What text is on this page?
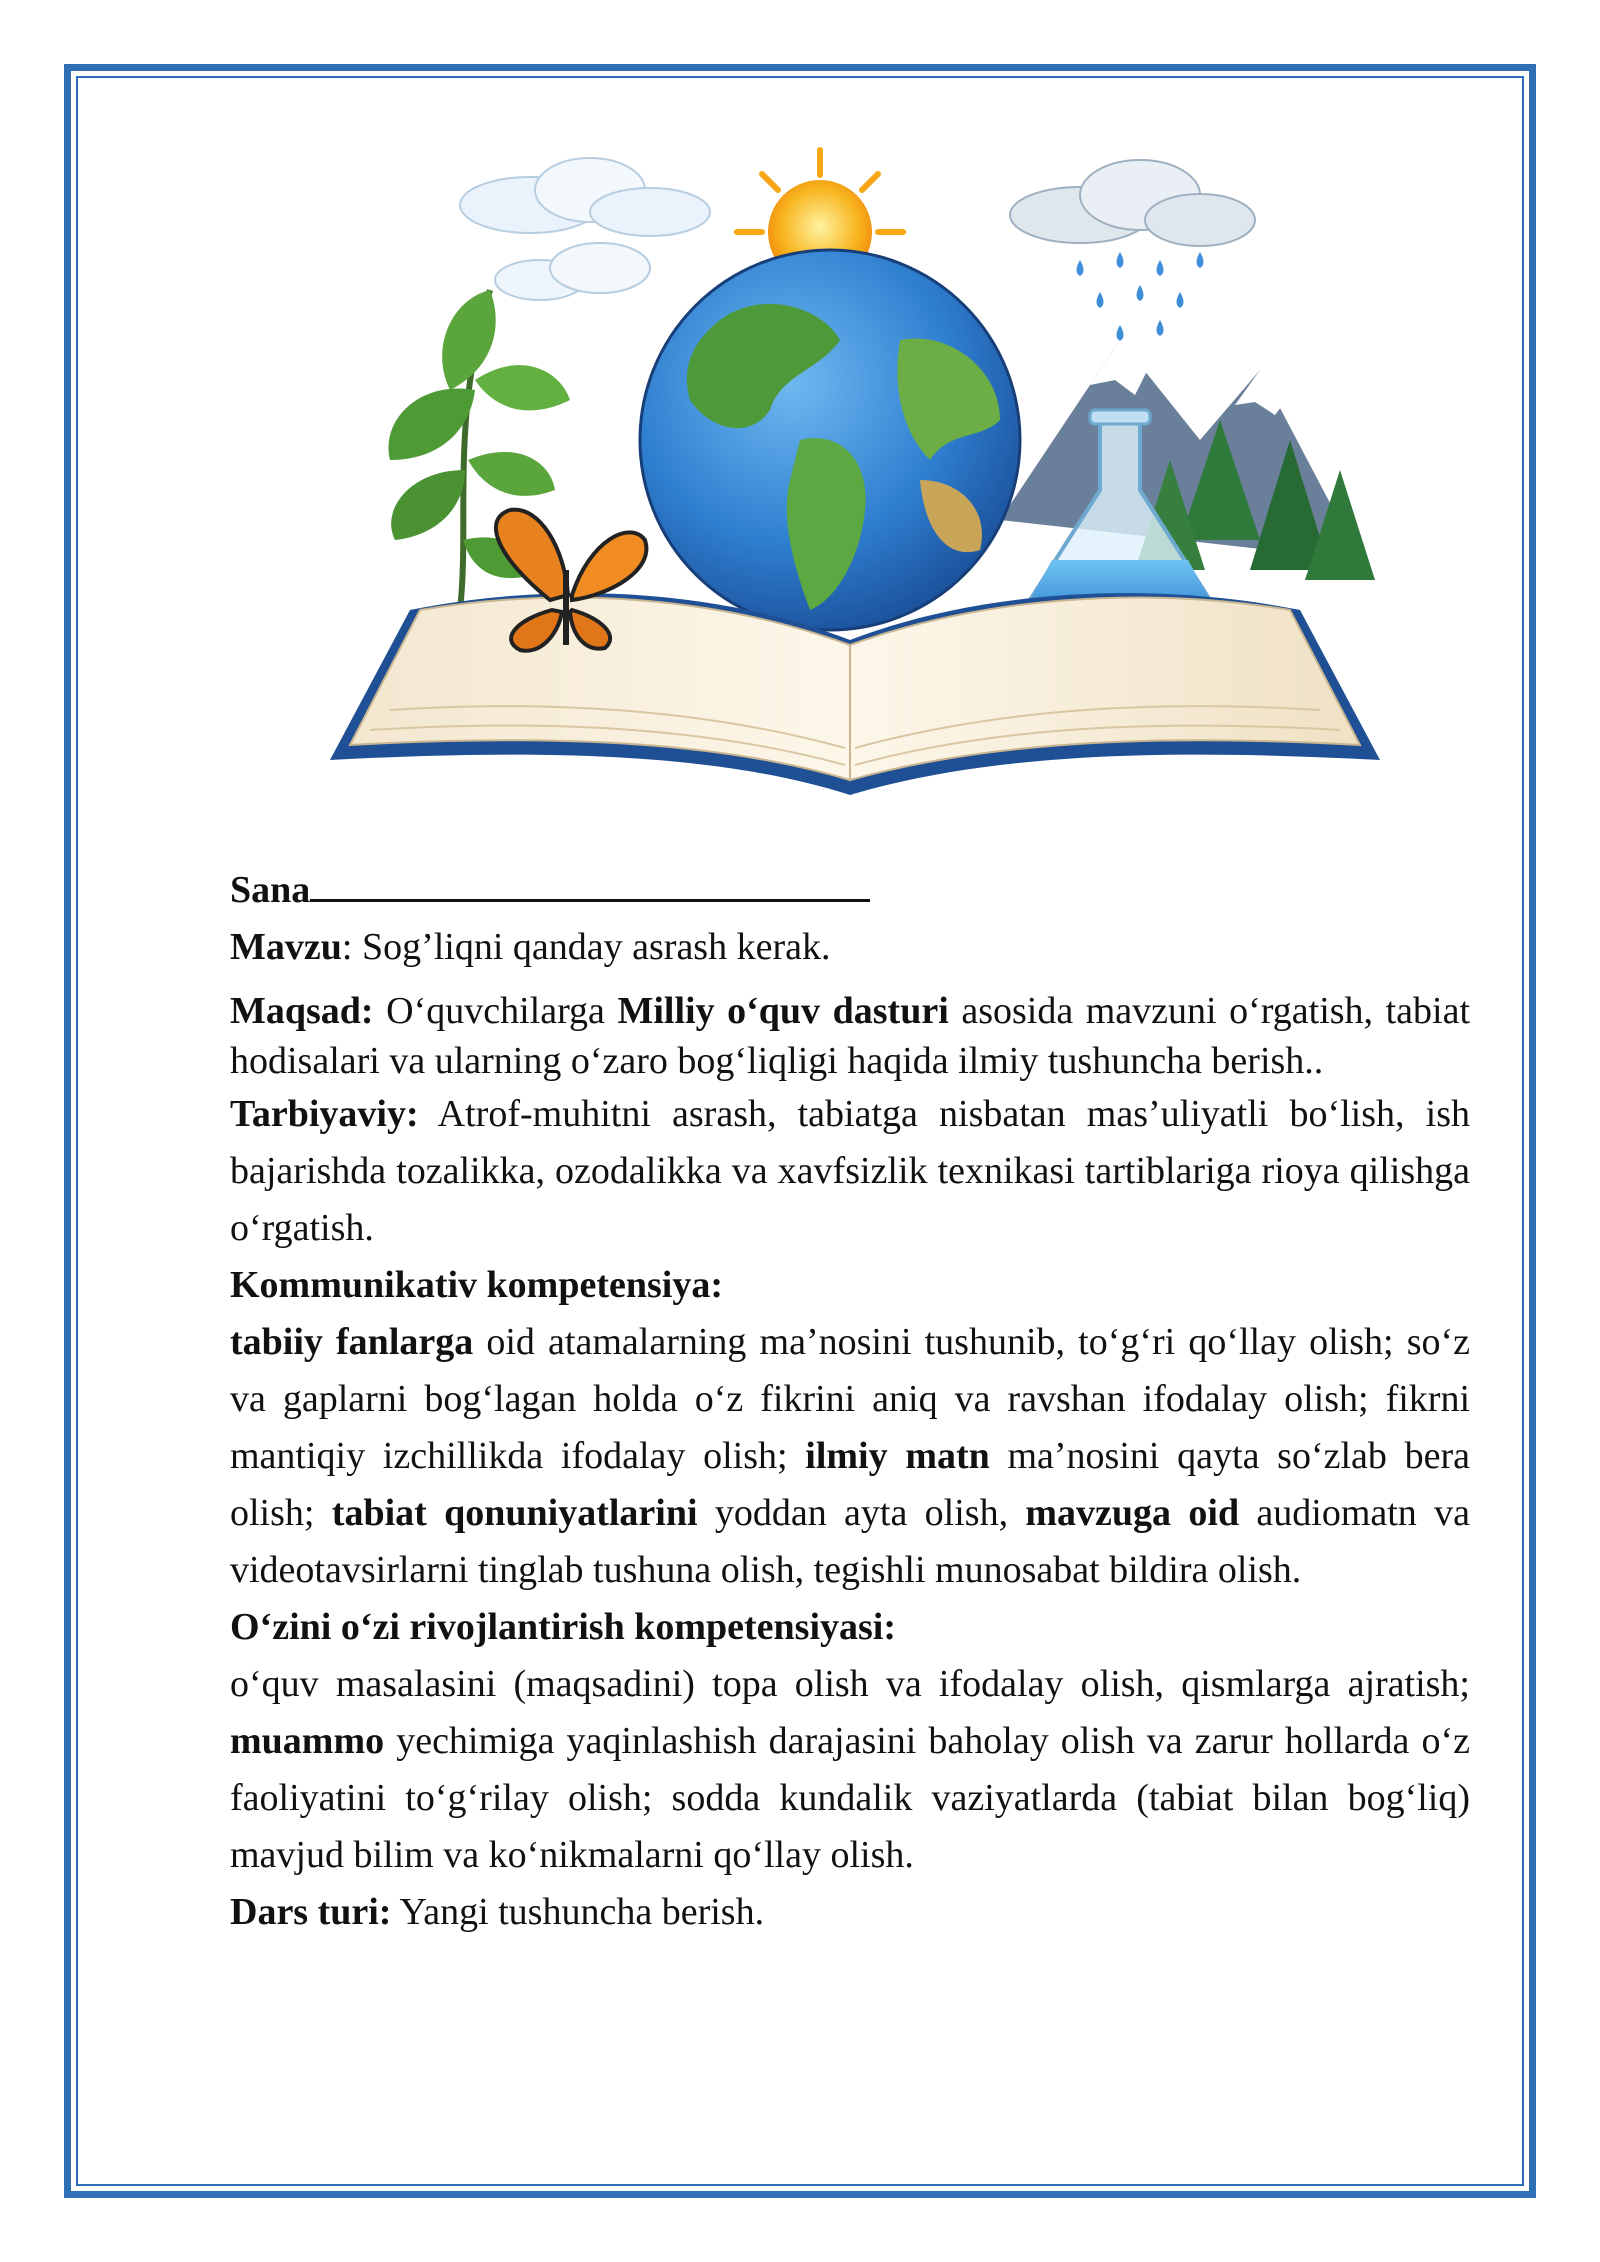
Sana

Mavzu: Sog’liqni qanday asrash kerak.

Maqsad: O‘quvchilarga Milliy o‘quv dasturi asosida mavzuni o‘rgatish, tabiat hodisalari va ularning o‘zaro bog‘liqligi haqida ilmiy tushuncha berish..

Tarbiyaviy: Atrof-muhitni asrash, tabiatga nisbatan mas’uliyatli bo‘lish, ish bajarishda tozalikka, ozodalikka va xavfsizlik texnikasi tartiblariga rioya qilishga o‘rgatish.

Kommunikativ kompetensiya:

tabiiy fanlarga oid atamalarning ma’nosini tushunib, to‘g‘ri qo‘llay olish; so‘z va gaplarni bog‘lagan holda o‘z fikrini aniq va ravshan ifodalay olish; fikrni mantiqiy izchillikda ifodalay olish; ilmiy matn ma’nosini qayta so‘zlab bera olish; tabiat qonuniyatlarini yoddan ayta olish, mavzuga oid audiomatn va videotavsirlarni tinglab tushuna olish, tegishli munosabat bildira olish.

O‘zini o‘zi rivojlantirish kompetensiyasi:

o‘quv masalasini (maqsadini) topa olish va ifodalay olish, qismlarga ajratish; muammo yechimiga yaqinlashish darajasini baholay olish va zarur hollarda o‘z faoliyatini to‘g‘rilay olish; sodda kundalik vaziyatlarda (tabiat bilan bog‘liq) mavjud bilim va ko‘nikmalarni qo‘llay olish.

Dars turi: Yangi tushuncha berish.
